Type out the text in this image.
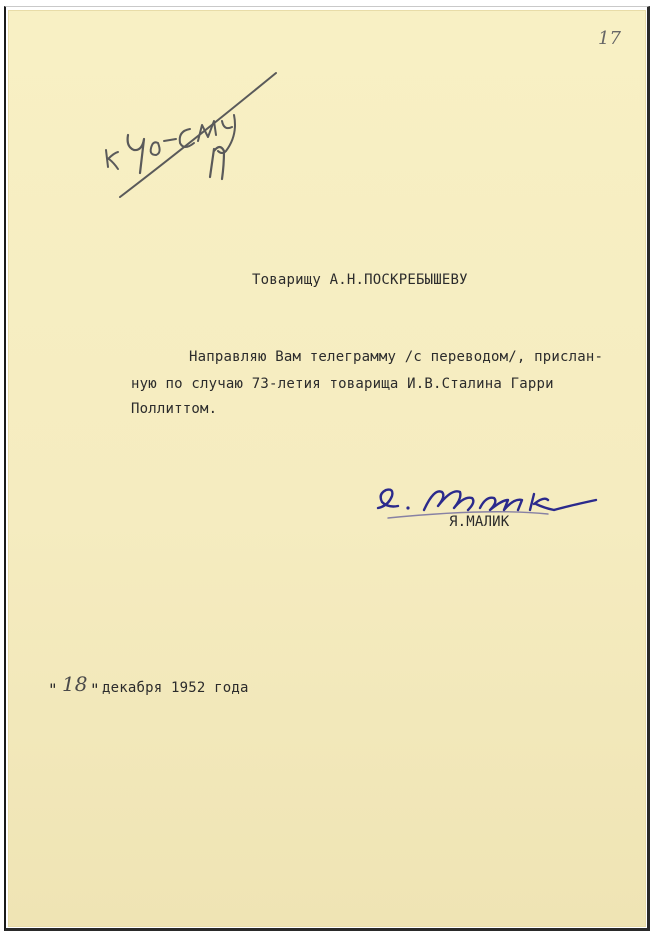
17
Товарищу А.Н.ПОСКРЕБЫШЕВУ
Направляю Вам телеграмму /с переводом/, прислан-
ную по случаю 73-летия товарища И.В.Сталина Гарри
Поллиттом.
Я.МАЛИК
" 18 " декабря 1952 года
